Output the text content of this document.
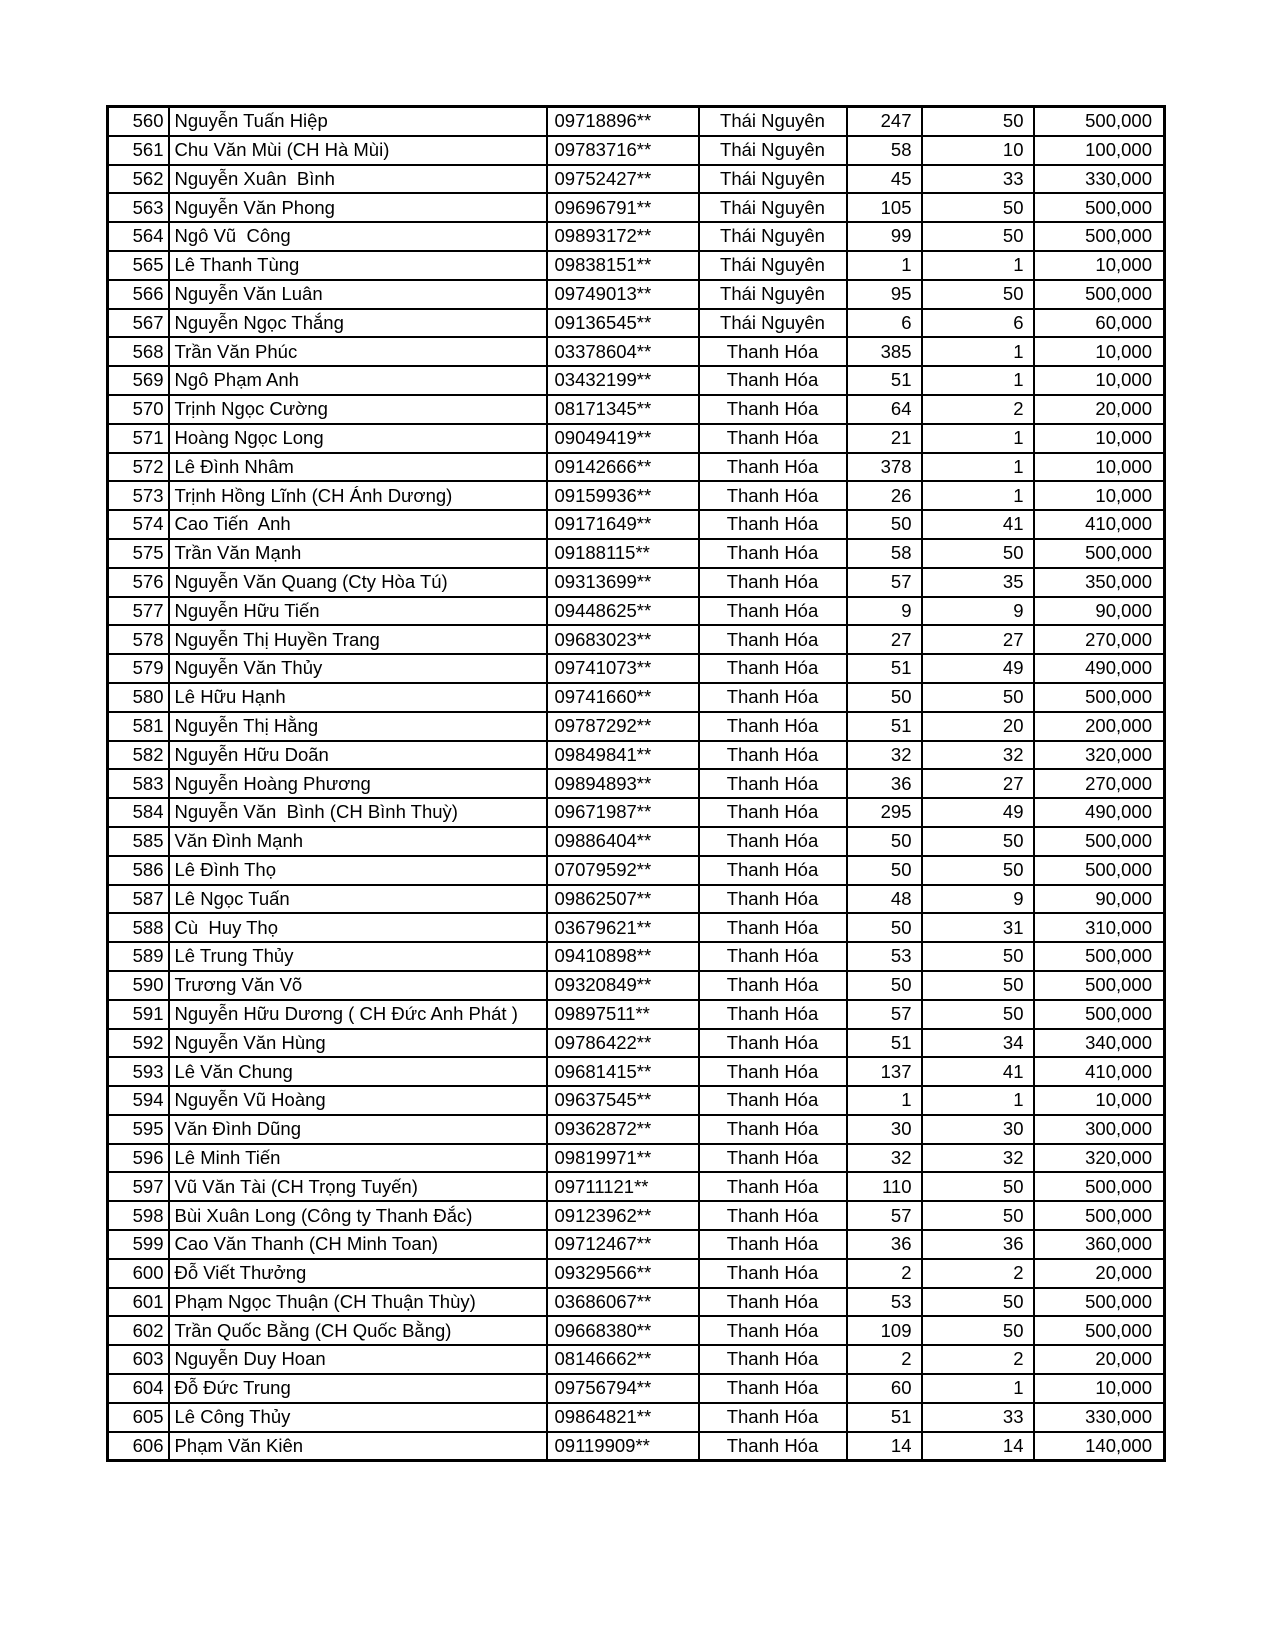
560	Nguyễn Tuấn Hiệp	09718896**	Thái Nguyên	247	50	500,000
561	Chu Văn Mùi (CH Hà Mùi)	09783716**	Thái Nguyên	58	10	100,000
562	Nguyễn Xuân  Bình	09752427**	Thái Nguyên	45	33	330,000
563	Nguyễn Văn Phong	09696791**	Thái Nguyên	105	50	500,000
564	Ngô Vũ  Công	09893172**	Thái Nguyên	99	50	500,000
565	Lê Thanh Tùng	09838151**	Thái Nguyên	1	1	10,000
566	Nguyễn Văn Luân	09749013**	Thái Nguyên	95	50	500,000
567	Nguyễn Ngọc Thắng	09136545**	Thái Nguyên	6	6	60,000
568	Trần Văn Phúc	03378604**	Thanh Hóa	385	1	10,000
569	Ngô Phạm Anh	03432199**	Thanh Hóa	51	1	10,000
570	Trịnh Ngọc Cường	08171345**	Thanh Hóa	64	2	20,000
571	Hoàng Ngọc Long	09049419**	Thanh Hóa	21	1	10,000
572	Lê Đình Nhâm	09142666**	Thanh Hóa	378	1	10,000
573	Trịnh Hồng Lĩnh (CH Ánh Dương)	09159936**	Thanh Hóa	26	1	10,000
574	Cao Tiến  Anh	09171649**	Thanh Hóa	50	41	410,000
575	Trần Văn Mạnh	09188115**	Thanh Hóa	58	50	500,000
576	Nguyễn Văn Quang (Cty Hòa Tú)	09313699**	Thanh Hóa	57	35	350,000
577	Nguyễn Hữu Tiến	09448625**	Thanh Hóa	9	9	90,000
578	Nguyễn Thị Huyền Trang	09683023**	Thanh Hóa	27	27	270,000
579	Nguyễn Văn Thủy	09741073**	Thanh Hóa	51	49	490,000
580	Lê Hữu Hạnh	09741660**	Thanh Hóa	50	50	500,000
581	Nguyễn Thị Hằng	09787292**	Thanh Hóa	51	20	200,000
582	Nguyễn Hữu Doãn	09849841**	Thanh Hóa	32	32	320,000
583	Nguyễn Hoàng Phương	09894893**	Thanh Hóa	36	27	270,000
584	Nguyễn Văn  Bình (CH Bình Thuỳ)	09671987**	Thanh Hóa	295	49	490,000
585	Văn Đình Mạnh	09886404**	Thanh Hóa	50	50	500,000
586	Lê Đình Thọ	07079592**	Thanh Hóa	50	50	500,000
587	Lê Ngọc Tuấn	09862507**	Thanh Hóa	48	9	90,000
588	Cù  Huy Thọ	03679621**	Thanh Hóa	50	31	310,000
589	Lê Trung Thủy	09410898**	Thanh Hóa	53	50	500,000
590	Trương Văn Võ	09320849**	Thanh Hóa	50	50	500,000
591	Nguyễn Hữu Dương ( CH Đức Anh Phát )	09897511**	Thanh Hóa	57	50	500,000
592	Nguyễn Văn Hùng	09786422**	Thanh Hóa	51	34	340,000
593	Lê Văn Chung	09681415**	Thanh Hóa	137	41	410,000
594	Nguyễn Vũ Hoàng	09637545**	Thanh Hóa	1	1	10,000
595	Văn Đình Dũng	09362872**	Thanh Hóa	30	30	300,000
596	Lê Minh Tiến	09819971**	Thanh Hóa	32	32	320,000
597	Vũ Văn Tài (CH Trọng Tuyến)	09711121**	Thanh Hóa	110	50	500,000
598	Bùi Xuân Long (Công ty Thanh Đắc)	09123962**	Thanh Hóa	57	50	500,000
599	Cao Văn Thanh (CH Minh Toan)	09712467**	Thanh Hóa	36	36	360,000
600	Đỗ Viết Thưởng	09329566**	Thanh Hóa	2	2	20,000
601	Phạm Ngọc Thuận (CH Thuận Thùy)	03686067**	Thanh Hóa	53	50	500,000
602	Trần Quốc Bằng (CH Quốc Bằng)	09668380**	Thanh Hóa	109	50	500,000
603	Nguyễn Duy Hoan	08146662**	Thanh Hóa	2	2	20,000
604	Đỗ Đức Trung	09756794**	Thanh Hóa	60	1	10,000
605	Lê Công Thủy	09864821**	Thanh Hóa	51	33	330,000
606	Phạm Văn Kiên	09119909**	Thanh Hóa	14	14	140,000
